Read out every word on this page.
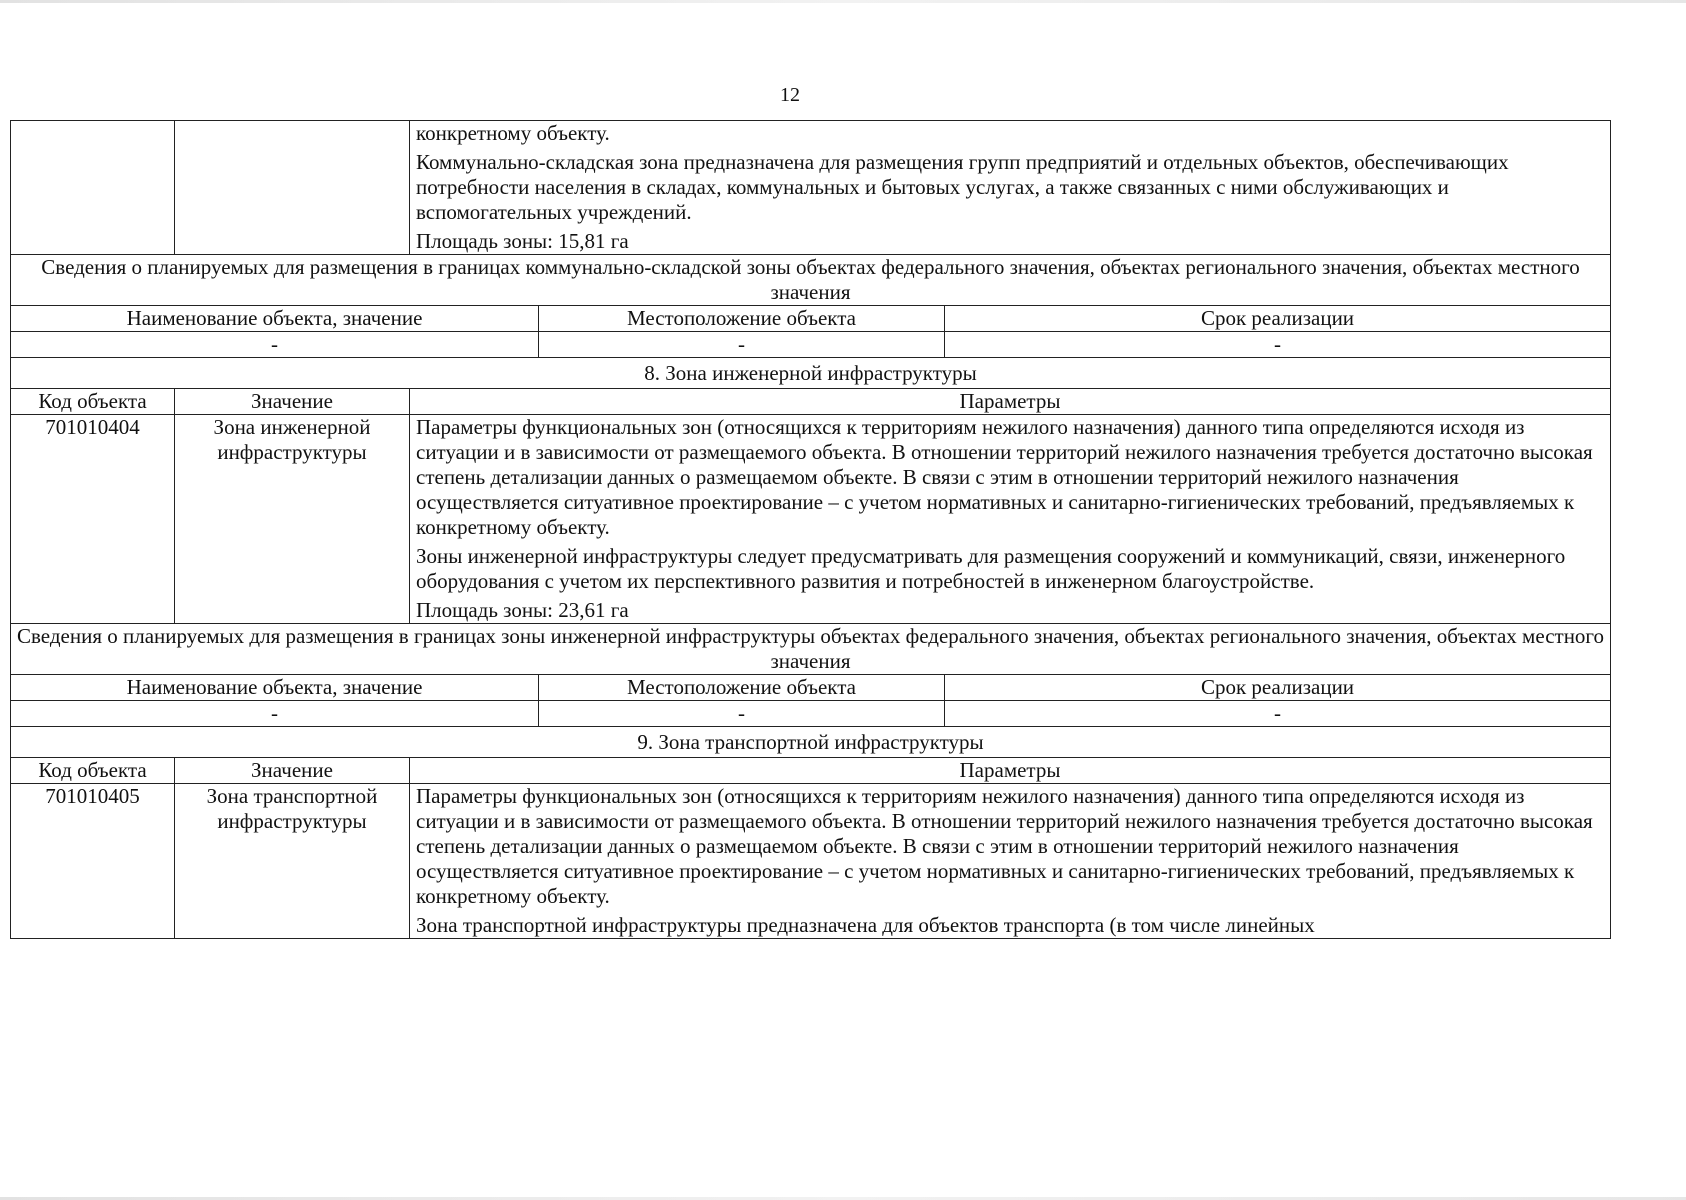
12

		конкретному объекту.

Коммунально-складская зона предназначена для размещения групп предприятий и отдельных объектов, обеспечивающих потребности населения в складах, коммунальных и бытовых услугах, а также связанных с ними обслуживающих и вспомогательных учреждений.

Площадь зоны: 15,81 га		

Сведения о планируемых для размещения в границах коммунально-складской зоны объектах федерального значения, объектах регионального значения, объектах местного значения				
Наименование объекта, значение			Местоположение объекта	Срок реализации
-			-	-
8. Зона инженерной инфраструктуры				
Код объекта	Значение	Параметры		
701010404	Зона инженерной инфраструктуры	Параметры функциональных зон (относящихся к территориям нежилого назначения) данного типа определяются исходя из ситуации и в зависимости от размещаемого объекта. В отношении территорий нежилого назначения требуется достаточно высокая степень детализации данных о размещаемом объекте. В связи с этим в отношении территорий нежилого назначения осуществляется ситуативное проектирование – с учетом нормативных и санитарно-гигиенических требований, предъявляемых к конкретному объекту.

Зоны инженерной инфраструктуры следует предусматривать для размещения сооружений и коммуникаций, связи, инженерного оборудования с учетом их перспективного развития и потребностей в инженерном благоустройстве.

Площадь зоны: 23,61 га		

Сведения о планируемых для размещения в границах зоны инженерной инфраструктуры объектах федерального значения, объектах регионального значения, объектах местного значения				
Наименование объекта, значение			Местоположение объекта	Срок реализации
-			-	-
9. Зона транспортной инфраструктуры				
Код объекта	Значение	Параметры		
701010405	Зона транспортной инфраструктуры	Параметры функциональных зон (относящихся к территориям нежилого назначения) данного типа определяются исходя из ситуации и в зависимости от размещаемого объекта. В отношении территорий нежилого назначения требуется достаточно высокая степень детализации данных о размещаемом объекте. В связи с этим в отношении территорий нежилого назначения осуществляется ситуативное проектирование – с учетом нормативных и санитарно-гигиенических требований, предъявляемых к конкретному объекту.

Зона транспортной инфраструктуры предназначена для объектов транспорта (в том числе линейных		
